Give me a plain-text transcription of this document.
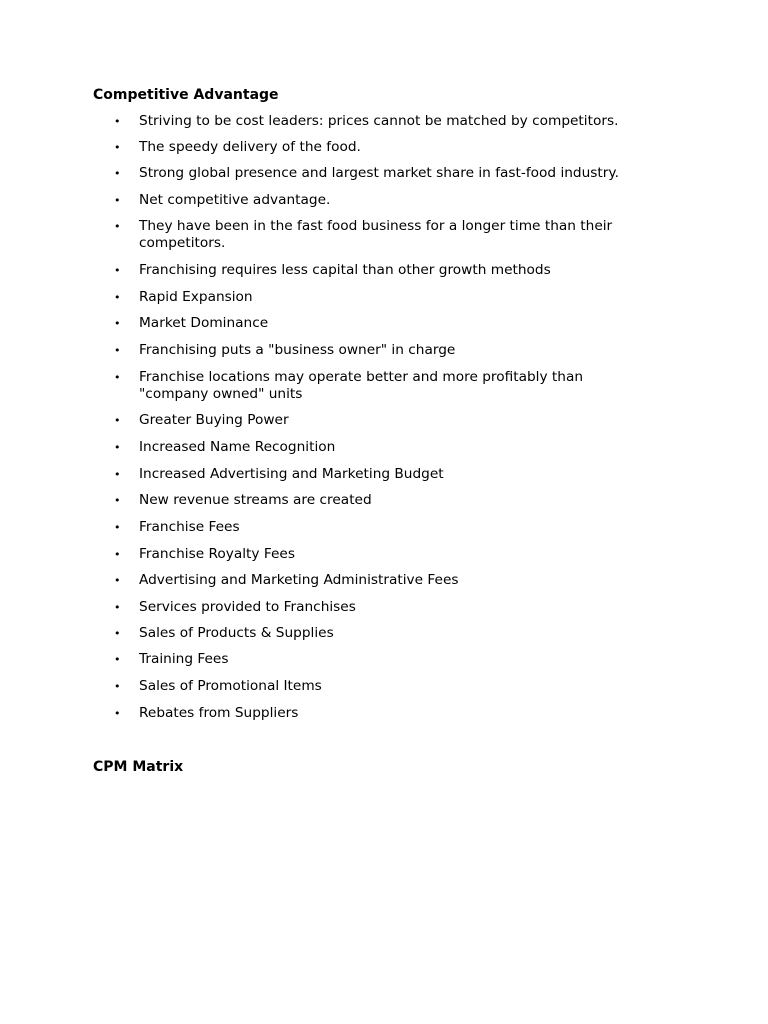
Competitive Advantage
• Striving to be cost leaders: prices cannot be matched by competitors.
• The speedy delivery of the food.
• Strong global presence and largest market share in fast-food industry.
• Net competitive advantage.
• They have been in the fast food business for a longer time than their competitors.
• Franchising requires less capital than other growth methods
• Rapid Expansion
• Market Dominance
• Franchising puts a "business owner" in charge
• Franchise locations may operate better and more profitably than "company owned" units
• Greater Buying Power
• Increased Name Recognition
• Increased Advertising and Marketing Budget
• New revenue streams are created
• Franchise Fees
• Franchise Royalty Fees
• Advertising and Marketing Administrative Fees
• Services provided to Franchises
• Sales of Products & Supplies
• Training Fees
• Sales of Promotional Items
• Rebates from Suppliers
CPM Matrix
